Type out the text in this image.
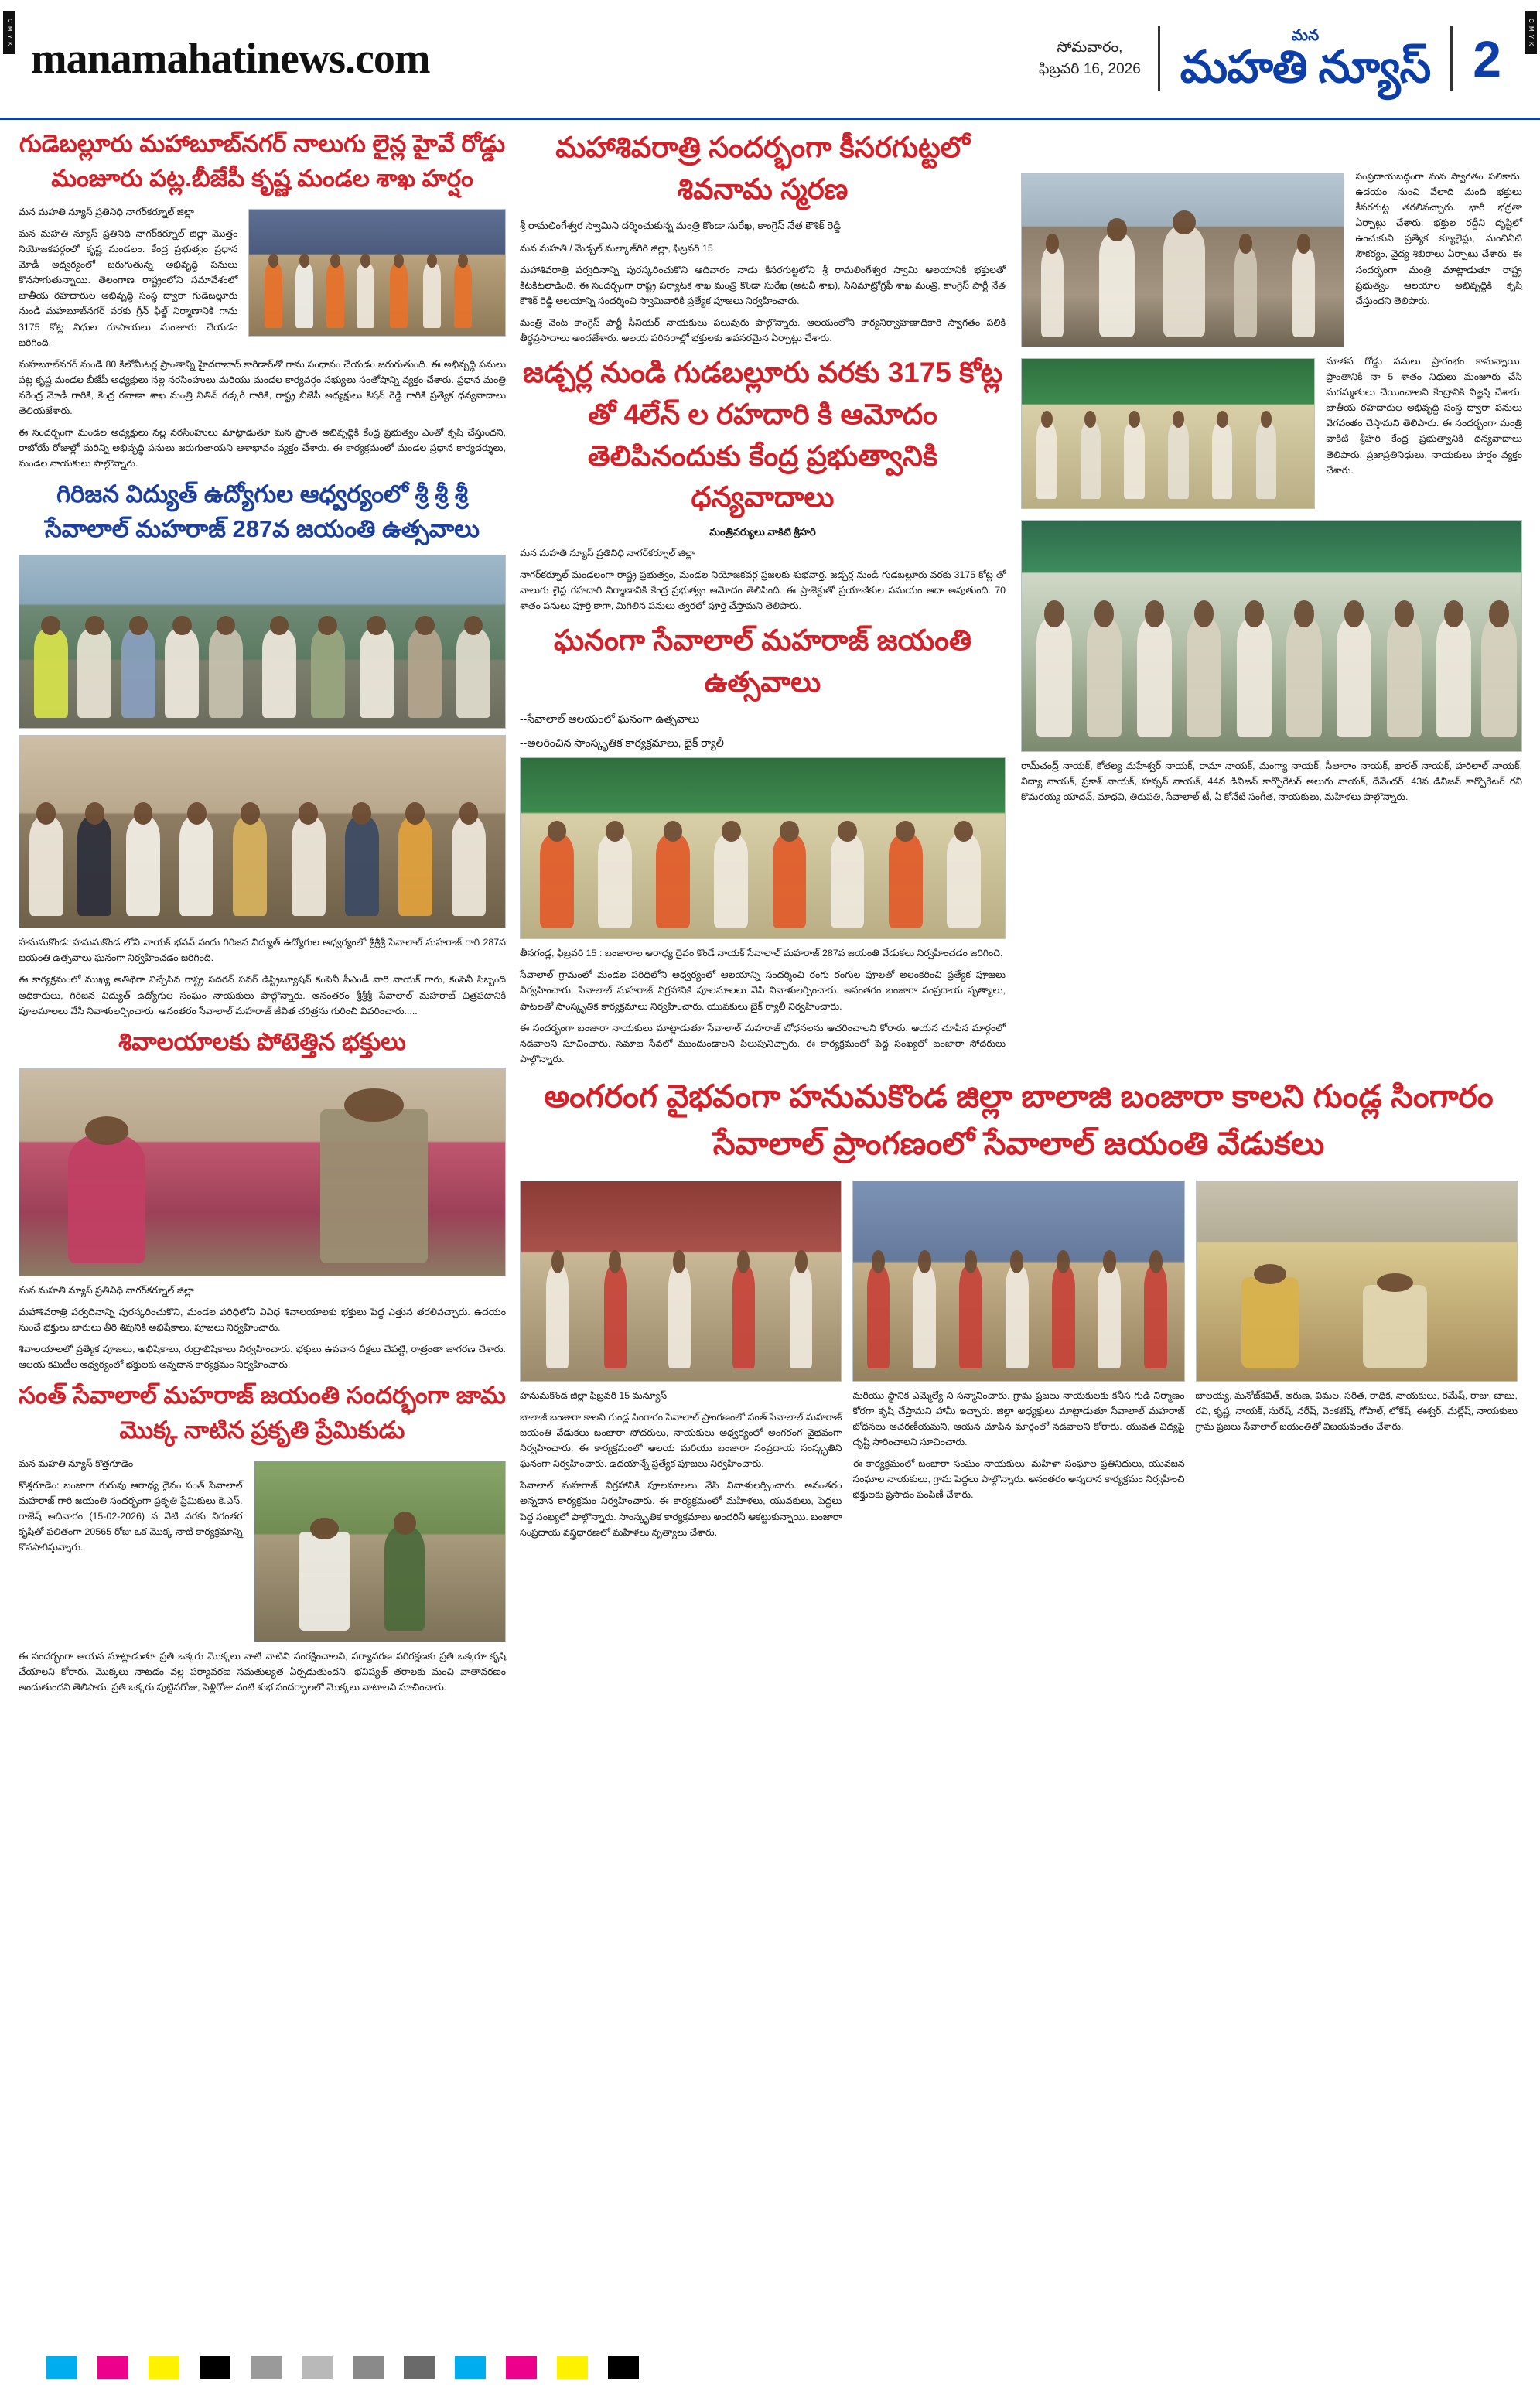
C M Y K	C M Y K
manamahatinews.com	సోమవారం,
ఫిబ్రవరి 16, 2026
మన
మహతి న్యూస్ 2
గుడెబల్లూరు మహాబూబ్‌నగర్ నాలుగు లైన్ల హైవే రోడ్డు మంజూరు పట్ల.బీజేపీ కృష్ణ మండల శాఖ హర్షం

మన మహతి న్యూస్ ప్రతినిధి నాగర్‌కర్నూల్ జిల్లా

మన మహతి న్యూస్ ప్రతినిధి నాగర్‌కర్నూల్ జిల్లా మొత్తం నియోజకవర్గంలో కృష్ణ మండలం. కేంద్ర ప్రభుత్వం ప్రధాన మోడీ అధ్వర్యంలో జరుగుతున్న అభివృద్ధి పనులు కొనసాగుతున్నాయి. తెలంగాణ రాష్ట్రంలోని సమావేశంలో జాతీయ రహదారుల అభివృద్ధి సంస్థ ద్వారా గుడెబల్లూరు నుండి మహబూబ్‌నగర్ వరకు గ్రీన్ ఫీల్డ్ నిర్మాణానికి గాను 3175 కోట్ల నిధుల రూపాయలు మంజూరు చేయడం జరిగింది.

మహబూబ్‌నగర్ నుండి 80 కిలోమీటర్ల ప్రాంతాన్ని హైదరాబాద్ కారిడార్‌తో గాను సంధానం చేయడం జరుగుతుంది. ఈ అభివృద్ధి పనులు పట్ల కృష్ణ మండల బీజేపీ అధ్యక్షులు నల్ల నరసింహులు మరియు మండల కార్యవర్గం సభ్యులు సంతోషాన్ని వ్యక్తం చేశారు. ప్రధాన మంత్రి నరేంద్ర మోడీ గారికి, కేంద్ర రవాణా శాఖ మంత్రి నితిన్ గడ్కరీ గారికి, రాష్ట్ర బీజేపీ అధ్యక్షులు కిషన్ రెడ్డి గారికి ప్రత్యేక ధన్యవాదాలు తెలియజేశారు.

ఈ సందర్భంగా మండల అధ్యక్షులు నల్ల నరసింహులు మాట్లాడుతూ మన ప్రాంత అభివృద్ధికి కేంద్ర ప్రభుత్వం ఎంతో కృషి చేస్తుందని, రాబోయే రోజుల్లో మరిన్ని అభివృద్ధి పనులు జరుగుతాయని ఆశాభావం వ్యక్తం చేశారు. ఈ కార్యక్రమంలో మండల ప్రధాన కార్యదర్శులు, మండల నాయకులు పాల్గొన్నారు.

గిరిజన విద్యుత్ ఉద్యోగుల ఆధ్వర్యంలో శ్రీ శ్రీ శ్రీ సేవాలాల్ మహరాజ్ 287వ జయంతి ఉత్సవాలు

హనుమకొండ: హనుమకొండ లోని నాయక్ భవన్ నందు గిరిజన విద్యుత్ ఉద్యోగుల ఆధ్వర్యంలో శ్రీశ్రీశ్రీ సేవాలాల్ మహరాజ్ గారి 287వ జయంతి ఉత్సవాలు ఘనంగా నిర్వహించడం జరిగింది.

ఈ కార్యక్రమంలో ముఖ్య అతిథిగా విచ్చేసిన రాష్ట్ర సదరన్ పవర్ డిస్ట్రిబ్యూషన్ కంపెనీ సీఎండీ వారి నాయక్ గారు, కంపెనీ సిబ్బంది అధికారులు, గిరిజన విద్యుత్ ఉద్యోగుల సంఘం నాయకులు పాల్గొన్నారు. అనంతరం శ్రీశ్రీశ్రీ సేవాలాల్ మహరాజ్ చిత్రపటానికి పూలమాలలు వేసి నివాళులర్పించారు. అనంతరం సేవాలాల్ మహరాజ్ జీవిత చరిత్రను గురించి వివరించారు.....

శివాలయాలకు పోటెత్తిన భక్తులు

మన మహతి న్యూస్ ప్రతినిధి నాగర్‌కర్నూల్ జిల్లా

మహాశివరాత్రి పర్వదినాన్ని పురస్కరించుకొని, మండల పరిధిలోని వివిధ శివాలయాలకు భక్తులు పెద్ద ఎత్తున తరలివచ్చారు. ఉదయం నుంచే భక్తులు బారులు తీరి శివునికి అభిషేకాలు, పూజలు నిర్వహించారు.

శివాలయాలలో ప్రత్యేక పూజలు, అభిషేకాలు, రుద్రాభిషేకాలు నిర్వహించారు. భక్తులు ఉపవాస దీక్షలు చేపట్టి, రాత్రంతా జాగరణ చేశారు. ఆలయ కమిటీల ఆధ్వర్యంలో భక్తులకు అన్నదాన కార్యక్రమం నిర్వహించారు.

సంత్ సేవాలాల్ మహరాజ్ జయంతి సందర్భంగా జామ మొక్క నాటిన ప్రకృతి ప్రేమికుడు

మన మహతి న్యూస్ కొత్తగూడెం

కొత్తగూడెం: బంజారా గురువు ఆరాధ్య దైవం సంత్ సేవాలాల్ మహరాజ్ గారి జయంతి సందర్భంగా ప్రకృతి ప్రేమికులు కె.ఎస్. రాజేష్ ఆదివారం (15-02-2026) న నేటి వరకు నిరంతర కృషితో ఫలితంగా 20565 రోజు ఒక మొక్క నాటి కార్యక్రమాన్ని కొనసాగిస్తున్నారు.

ఈ సందర్భంగా ఆయన మాట్లాడుతూ ప్రతి ఒక్కరు మొక్కలు నాటి వాటిని సంరక్షించాలని, పర్యావరణ పరిరక్షణకు ప్రతి ఒక్కరూ కృషి చేయాలని కోరారు. మొక్కలు నాటడం వల్ల పర్యావరణ సమతుల్యత ఏర్పడుతుందని, భవిష్యత్ తరాలకు మంచి వాతావరణం అందుతుందని తెలిపారు. ప్రతి ఒక్కరు పుట్టినరోజు, పెళ్లిరోజు వంటి శుభ సందర్భాలలో మొక్కలు నాటాలని సూచించారు.

మహాశివరాత్రి సందర్భంగా కీసరగుట్టలో శివనామ స్మరణ

శ్రీ రామలింగేశ్వర స్వామిని దర్శించుకున్న మంత్రి కొండా సురేఖ, కాంగ్రెస్ నేత కౌశిక్ రెడ్డి

మన మహతి / మేడ్చల్ మల్కాజ్‌గిరి జిల్లా, ఫిబ్రవరి 15

మహాశివరాత్రి పర్వదినాన్ని పురస్కరించుకొని ఆదివారం నాడు కీసరగుట్టలోని శ్రీ రామలింగేశ్వర స్వామి ఆలయానికి భక్తులతో కిటకిటలాడింది. ఈ సందర్భంగా రాష్ట్ర పర్యాటక శాఖ మంత్రి కొండా సురేఖ (అటవీ శాఖ), సినిమాట్రోగ్రఫీ శాఖ మంత్రి, కాంగ్రెస్ పార్టీ నేత కౌశిక్ రెడ్డి ఆలయాన్ని సందర్శించి స్వామివారికి ప్రత్యేక పూజలు నిర్వహించారు.

మంత్రి వెంట కాంగ్రెస్ పార్టీ సీనియర్ నాయకులు పలువురు పాల్గొన్నారు. ఆలయంలోని కార్యనిర్వాహణాధికారి స్వాగతం పలికి తీర్థప్రసాదాలు అందజేశారు. ఆలయ పరిసరాల్లో భక్తులకు అవసరమైన ఏర్పాట్లు చేశారు.

జడ్చర్ల నుండి గుడబల్లూరు వరకు 3175 కోట్ల తో 4లేన్ ల రహదారి కి ఆమోదం తెలిపినందుకు కేంద్ర ప్రభుత్వానికి ధన్యవాదాలు
మంత్రివర్యులు వాకిటి శ్రీహరి

మన మహతి న్యూస్ ప్రతినిధి నాగర్‌కర్నూల్ జిల్లా

నాగర్‌కర్నూల్ మండలంగా రాష్ట్ర ప్రభుత్వం, మండల నియోజకవర్గ ప్రజలకు శుభవార్త. జడ్చర్ల నుండి గుడబల్లూరు వరకు 3175 కోట్ల తో నాలుగు లైన్ల రహదారి నిర్మాణానికి కేంద్ర ప్రభుత్వం ఆమోదం తెలిపింది. ఈ ప్రాజెక్టుతో ప్రయాణికుల సమయం ఆదా అవుతుంది. 70 శాతం పనులు పూర్తి కాగా, మిగిలిన పనులు త్వరలో పూర్తి చేస్తామని తెలిపారు.

ఘనంగా సేవాలాల్ మహరాజ్ జయంతి ఉత్సవాలు

--సేవాలాల్ ఆలయంలో ఘనంగా ఉత్సవాలు

--అలరించిన సాంస్కృతిక కార్యక్రమాలు, బైక్ ర్యాలీ

తీనగండ్ల, ఫిబ్రవరి 15 : బంజారాల ఆరాధ్య దైవం కొండే నాయక్ సేవాలాల్ మహరాజ్ 287వ జయంతి వేడుకలు నిర్వహించడం జరిగింది.

సేవాలాల్ గ్రామంలో మండల పరిధిలోని అధ్వర్యంలో ఆలయాన్ని సందర్శించి రంగు రంగుల పూలతో అలంకరించి ప్రత్యేక పూజలు నిర్వహించారు. సేవాలాల్ మహరాజ్ విగ్రహానికి పూలమాలలు వేసి నివాళులర్పించారు. అనంతరం బంజారా సంప్రదాయ నృత్యాలు, పాటలతో సాంస్కృతిక కార్యక్రమాలు నిర్వహించారు. యువకులు బైక్ ర్యాలీ నిర్వహించారు.

ఈ సందర్భంగా బంజారా నాయకులు మాట్లాడుతూ సేవాలాల్ మహరాజ్ బోధనలను ఆచరించాలని కోరారు. ఆయన చూపిన మార్గంలో నడవాలని సూచించారు. సమాజ సేవలో ముందుండాలని పిలుపునిచ్చారు. ఈ కార్యక్రమంలో పెద్ద సంఖ్యలో బంజారా సోదరులు పాల్గొన్నారు.

అంగరంగ వైభవంగా హనుమకొండ జిల్లా బాలాజి బంజారా కాలని గుండ్ల సింగారం సేవాలాల్ ప్రాంగణంలో సేవాలాల్ జయంతి వేడుకలు

హనుమకొండ జిల్లా ఫిబ్రవరి 15 మన్యూస్

బాలాజీ బంజారా కాలని గుండ్ల సింగారం సేవాలాల్ ప్రాంగణంలో సంత్ సేవాలాల్ మహరాజ్ జయంతి వేడుకలు బంజారా సోదరులు, నాయకులు అధ్వర్యంలో అంగరంగ వైభవంగా నిర్వహించారు. ఈ కార్యక్రమంలో ఆలయ మరియు బంజారా సంప్రదాయ సంస్కృతిని ఘనంగా నిర్వహించారు. ఉదయాన్నే ప్రత్యేక పూజలు నిర్వహించారు.

సేవాలాల్ మహరాజ్ విగ్రహానికి పూలమాలలు వేసి నివాళులర్పించారు. అనంతరం అన్నదాన కార్యక్రమం నిర్వహించారు. ఈ కార్యక్రమంలో మహిళలు, యువకులు, పెద్దలు పెద్ద సంఖ్యలో పాల్గొన్నారు. సాంస్కృతిక కార్యక్రమాలు అందరినీ ఆకట్టుకున్నాయి. బంజారా సంప్రదాయ వస్త్రధారణలో మహిళలు నృత్యాలు చేశారు.

మరియు స్థానిక ఎమ్మెల్యే ని సన్మానించారు. గ్రామ ప్రజలు నాయకులకు కనీస గుడి నిర్మాణం కోరగా కృషి చేస్తామని హామీ ఇచ్చారు. జిల్లా అధ్యక్షులు మాట్లాడుతూ సేవాలాల్ మహరాజ్ బోధనలు ఆచరణీయమని, ఆయన చూపిన మార్గంలో నడవాలని కోరారు. యువత విద్యపై దృష్టి సారించాలని సూచించారు.

ఈ కార్యక్రమంలో బంజారా సంఘం నాయకులు, మహిళా సంఘాల ప్రతినిధులు, యువజన సంఘాల నాయకులు, గ్రామ పెద్దలు పాల్గొన్నారు. అనంతరం అన్నదాన కార్యక్రమం నిర్వహించి భక్తులకు ప్రసాదం పంపిణీ చేశారు.

బాలయ్య, మనోజ్‌కవిత్, అరుణ, విమల, సరిత, రాధిక, నాయకులు, రమేష్, రాజు, బాబు, రవి, కృష్ణ, నాయక్, సురేష్, నరేష్, వెంకటేష్, గోపాల్, లోకేష్, ఈశ్వర్, మల్లేష్, నాయకులు గ్రామ ప్రజలు సేవాలాల్ జయంతితో విజయవంతం చేశారు.

సంప్రదాయబద్ధంగా మన స్వాగతం పలికారు. ఉదయం నుంచి వేలాది మంది భక్తులు కీసరగుట్ట తరలివచ్చారు. భారీ భద్రతా ఏర్పాట్లు చేశారు. భక్తుల రద్దీని దృష్టిలో ఉంచుకుని ప్రత్యేక క్యూలైన్లు, మంచినీటి సౌకర్యం, వైద్య శిబిరాలు ఏర్పాటు చేశారు. ఈ సందర్భంగా మంత్రి మాట్లాడుతూ రాష్ట్ర ప్రభుత్వం ఆలయాల అభివృద్ధికి కృషి చేస్తుందని తెలిపారు.

నూతన రోడ్డు పనులు ప్రారంభం కానున్నాయి. ప్రాంతానికి నా 5 శాతం నిధులు మంజూరు చేసి మరమ్మతులు చేయించాలని కేంద్రానికి విజ్ఞప్తి చేశారు. జాతీయ రహదారుల అభివృద్ధి సంస్థ ద్వారా పనులు వేగవంతం చేస్తామని తెలిపారు. ఈ సందర్భంగా మంత్రి వాకిటి శ్రీహరి కేంద్ర ప్రభుత్వానికి ధన్యవాదాలు తెలిపారు. ప్రజాప్రతినిధులు, నాయకులు హర్షం వ్యక్తం చేశారు.

రామ్‌చంద్ర్ నాయక్, కోతల్య మహేశ్వర్ నాయక్, రామా నాయక్, మంగ్యా నాయక్, సీతారాం నాయక్, భారత్ నాయక్, హరిలాల్ నాయక్, విద్యా నాయక్, ప్రకాశ్ నాయక్, హన్సన్ నాయక్, 44వ డివిజన్ కార్పొరేటర్ అలుగు నాయక్, దేవేందర్, 43వ డివిజన్ కార్పొరేటర్ రవి కొమరయ్య యాదవ్, మాధవి, తిరుపతి, సేవాలాల్ టీ, ఏ కోనేటి సంగీత, నాయకులు, మహిళలు పాల్గొన్నారు.
